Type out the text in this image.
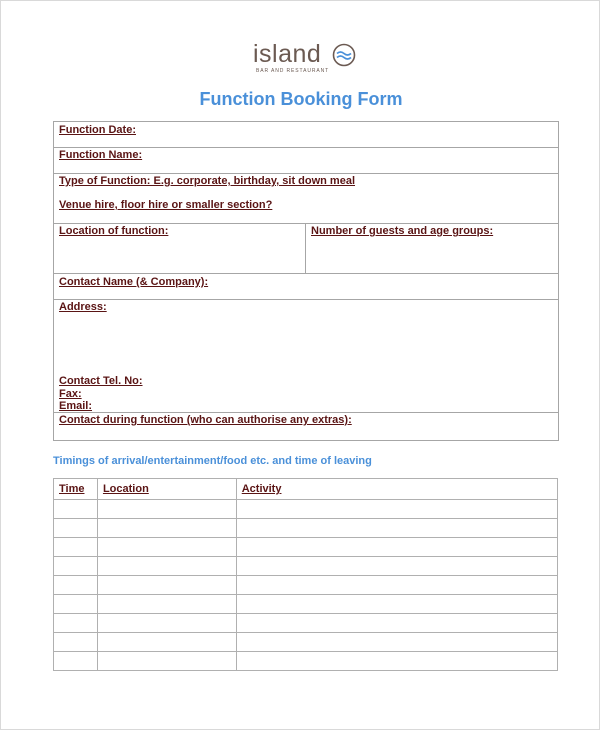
island
BAR AND RESTAURANT
Function Booking Form
Function Date:
Function Name:
Type of Function: E.g. corporate, birthday, sit down meal
Venue hire, floor hire or smaller section?
Location of function:	Number of guests and age groups:
Contact Name (& Company):
Address:
Contact Tel. No:
Fax:
Email:
Contact during function (who can authorise any extras):
Timings of arrival/entertainment/food etc. and time of leaving
Time	Location	Activity
